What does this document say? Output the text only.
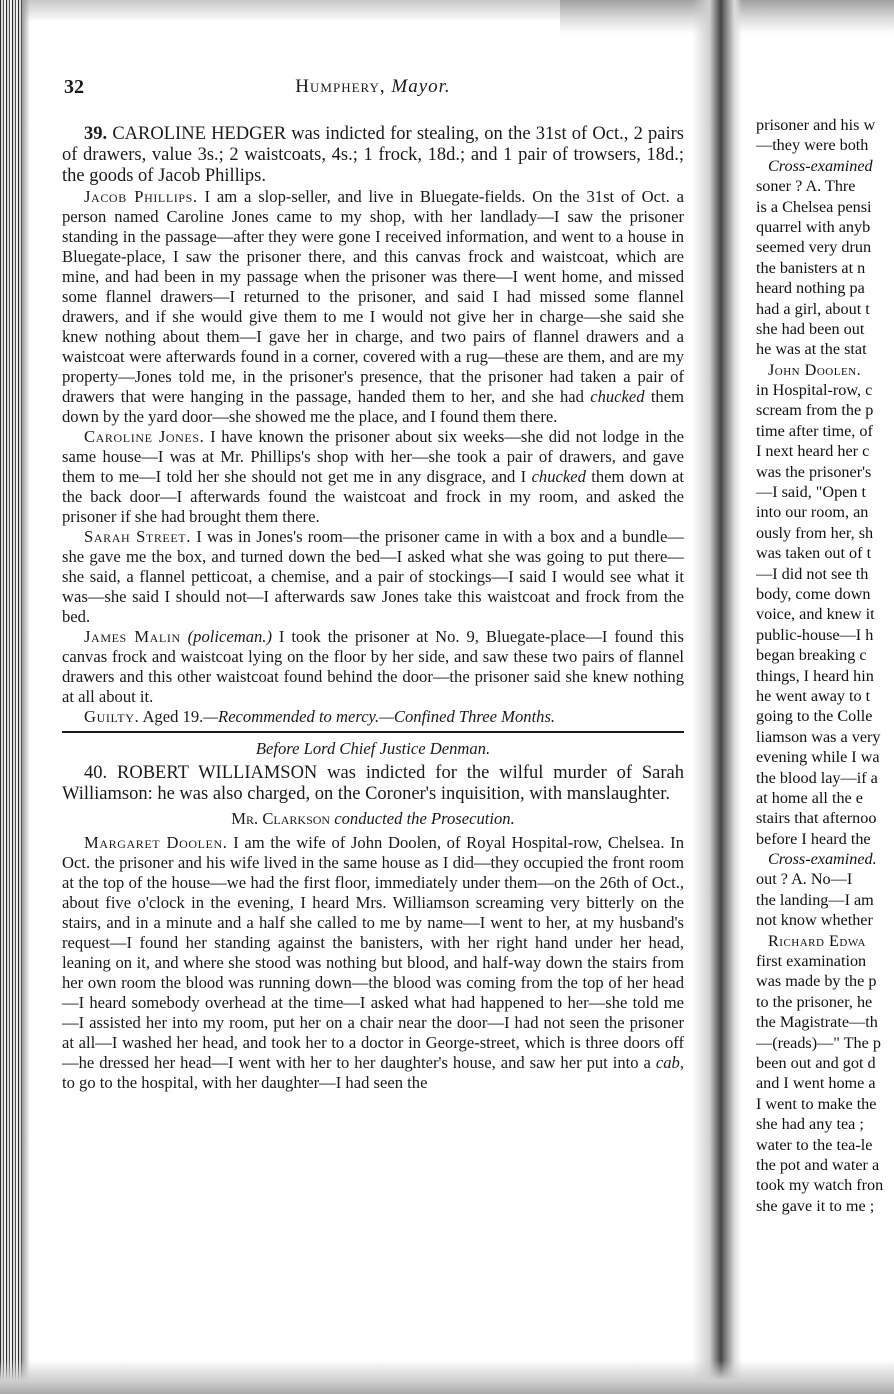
32	Humphery, Mayor.

39. CAROLINE HEDGER was indicted for stealing, on the 31st of Oct., 2 pairs of drawers, value 3s.; 2 waistcoats, 4s.; 1 frock, 18d.; and 1 pair of trowsers, 18d.; the goods of Jacob Phillips.

Jacob Phillips. I am a slop-seller, and live in Bluegate-fields. On the 31st of Oct. a person named Caroline Jones came to my shop, with her landlady—I saw the prisoner standing in the passage—after they were gone I received information, and went to a house in Bluegate-place, I saw the prisoner there, and this canvas frock and waistcoat, which are mine, and had been in my passage when the prisoner was there—I went home, and missed some flannel drawers—I returned to the prisoner, and said I had missed some flannel drawers, and if she would give them to me I would not give her in charge—she said she knew nothing about them—I gave her in charge, and two pairs of flannel drawers and a waistcoat were afterwards found in a corner, covered with a rug—these are them, and are my property—Jones told me, in the prisoner's presence, that the prisoner had taken a pair of drawers that were hanging in the passage, handed them to her, and she had chucked them down by the yard door—she showed me the place, and I found them there.

Caroline Jones. I have known the prisoner about six weeks—she did not lodge in the same house—I was at Mr. Phillips's shop with her—she took a pair of drawers, and gave them to me—I told her she should not get me in any disgrace, and I chucked them down at the back door—I afterwards found the waistcoat and frock in my room, and asked the prisoner if she had brought them there.

Sarah Street. I was in Jones's room—the prisoner came in with a box and a bundle—she gave me the box, and turned down the bed—I asked what she was going to put there—she said, a flannel petticoat, a chemise, and a pair of stockings—I said I would see what it was—she said I should not—I afterwards saw Jones take this waistcoat and frock from the bed.

James Malin (policeman.) I took the prisoner at No. 9, Bluegate-place—I found this canvas frock and waistcoat lying on the floor by her side, and saw these two pairs of flannel drawers and this other waistcoat found behind the door—the prisoner said she knew nothing at all about it.

Guilty. Aged 19.—Recommended to mercy.—Confined Three Months.

Before Lord Chief Justice Denman.

40. ROBERT WILLIAMSON was indicted for the wilful murder of Sarah Williamson: he was also charged, on the Coroner's inquisition, with manslaughter.

Mr. Clarkson conducted the Prosecution.

Margaret Doolen. I am the wife of John Doolen, of Royal Hospital-row, Chelsea. In Oct. the prisoner and his wife lived in the same house as I did—they occupied the front room at the top of the house—we had the first floor, immediately under them—on the 26th of Oct., about five o'clock in the evening, I heard Mrs. Williamson screaming very bitterly on the stairs, and in a minute and a half she called to me by name—I went to her, at my husband's request—I found her standing against the banisters, with her right hand under her head, leaning on it, and where she stood was nothing but blood, and half-way down the stairs from her own room the blood was running down—the blood was coming from the top of her head—I heard somebody overhead at the time—I asked what had happened to her—she told me—I assisted her into my room, put her on a chair near the door—I had not seen the prisoner at all—I washed her head, and took her to a doctor in George-street, which is three doors off—he dressed her head—I went with her to her daughter's house, and saw her put into a cab, to go to the hospital, with her daughter—I had seen the

prisoner and his w
—they were both
Cross-examined
soner ? A. Thre
is a Chelsea pensi
quarrel with anyb
seemed very drun
the banisters at n
heard nothing pa
had a girl, about t
she had been out
he was at the stat
John Doolen.
in Hospital-row, c
scream from the p
time after time, of
I next heard her c
was the prisoner's
—I said, "Open t
into our room, an
ously from her, sh
was taken out of t
—I did not see th
body, come down
voice, and knew it
public-house—I h
began breaking c
things, I heard hin
he went away to t
going to the Colle
liamson was a very
evening while I wa
the blood lay—if a
at home all the e
stairs that afternoo
before I heard the
Cross-examined.
out ? A. No—I
the landing—I am
not know whether
Richard Edwa
first examination
was made by the p
to the prisoner, he
the Magistrate—th
—(reads)—" The p
been out and got d
and I went home a
I went to make the
she had any tea ;
water to the tea-le
the pot and water a
took my watch fron
she gave it to me ;
